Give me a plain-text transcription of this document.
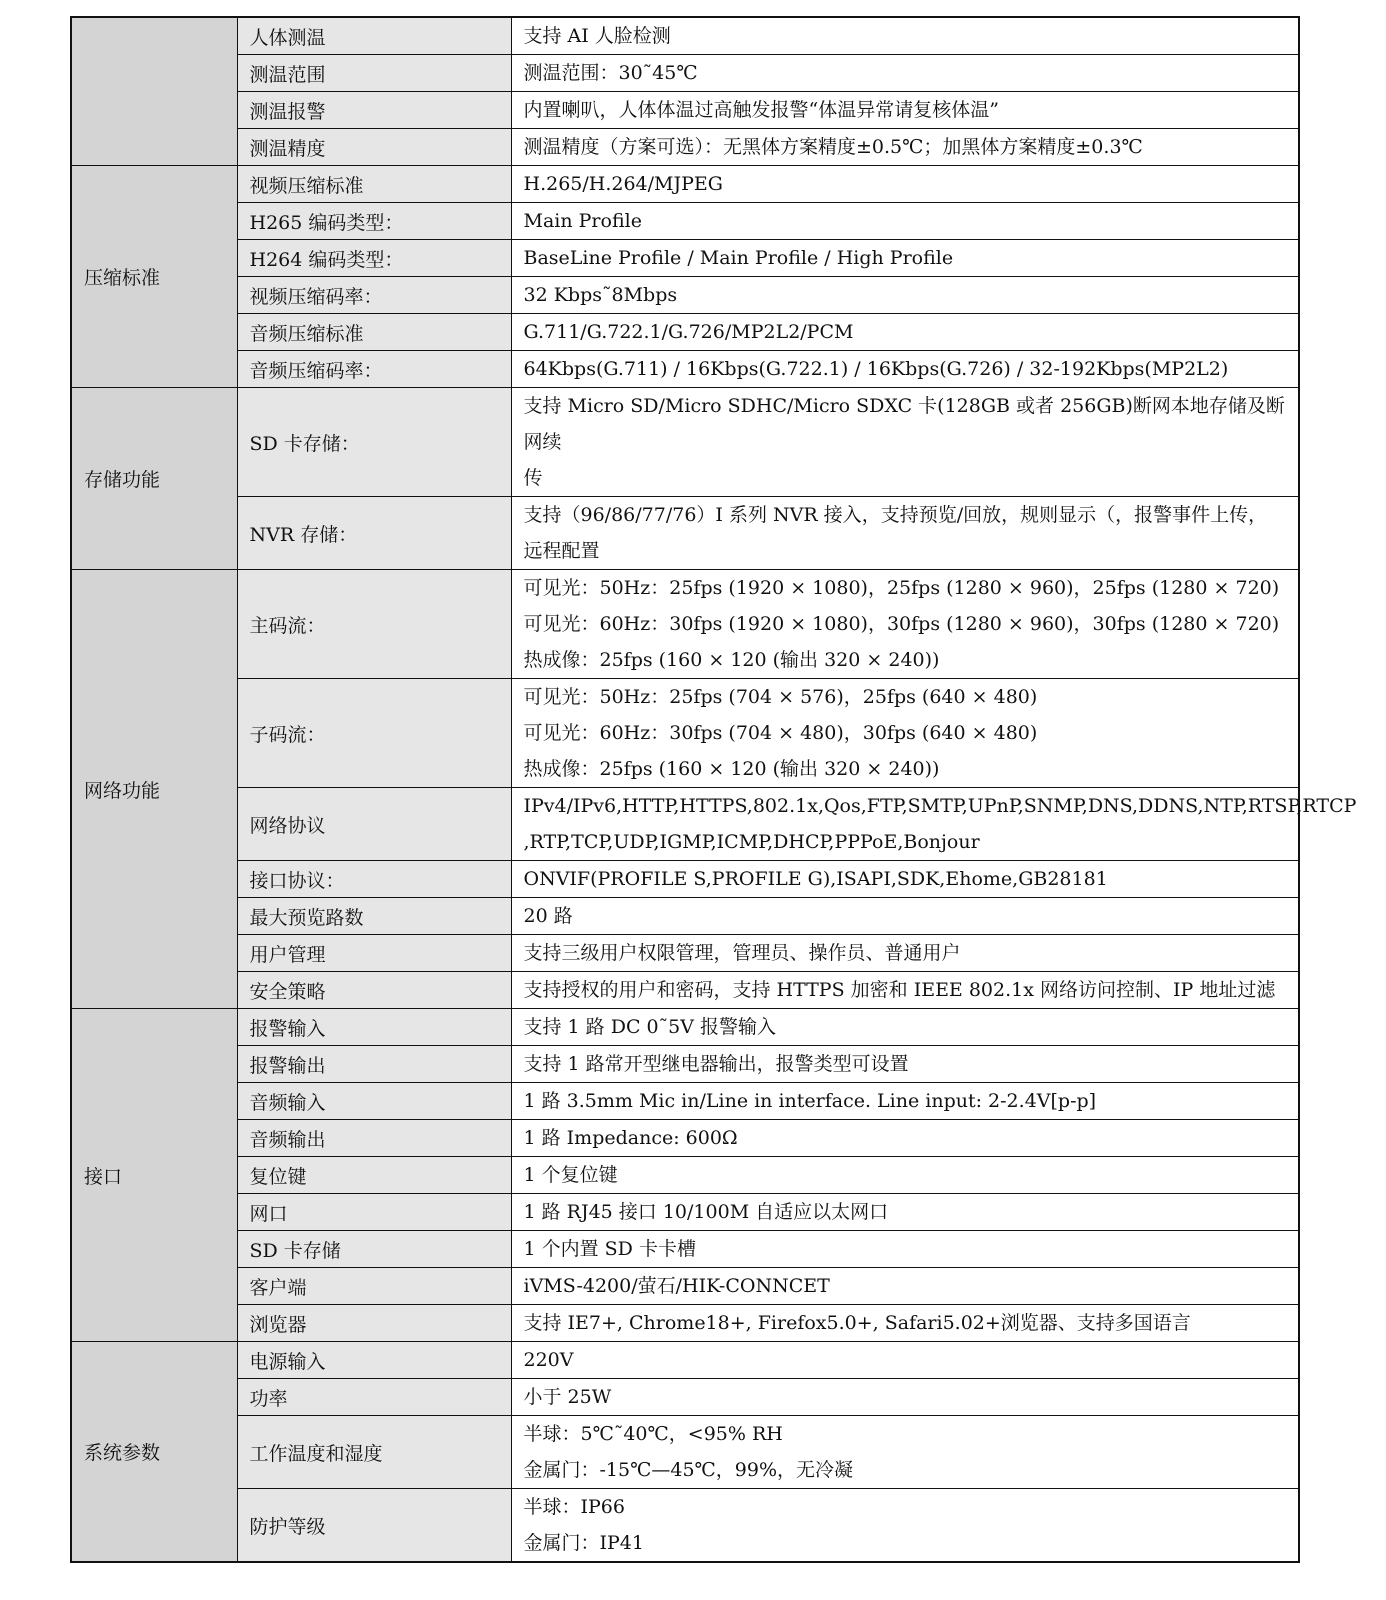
	人体测温	支持 AI 人脸检测

	测温范围	测温范围：30˜45℃

	测温报警	内置喇叭，人体体温过高触发报警“体温异常请复核体温”

	测温精度	测温精度（方案可选）：无黑体方案精度±0.5℃；加黑体方案精度±0.3℃

压缩标准	视频压缩标准	H.265/H.264/MJPEG

	H265 编码类型：	Main Profile

	H264 编码类型：	BaseLine Profile / Main Profile / High Profile

	视频压缩码率：	32 Kbps˜8Mbps

	音频压缩标准	G.711/G.722.1/G.726/MP2L2/PCM

	音频压缩码率：	64Kbps(G.711) / 16Kbps(G.722.1) / 16Kbps(G.726) / 32-192Kbps(MP2L2)

存储功能	SD 卡存储：	支持 Micro SD/Micro SDHC/Micro SDXC 卡(128GB 或者 256GB)断网本地存储及断网续
传

	NVR 存储：	支持（96/86/77/76）I 系列 NVR 接入，支持预览/回放，规则显示（，报警事件上传，
远程配置

网络功能	主码流：	可见光：50Hz：25fps (1920 × 1080)，25fps (1280 × 960)，25fps (1280 × 720)
可见光：60Hz：30fps (1920 × 1080)，30fps (1280 × 960)，30fps (1280 × 720)
热成像：25fps (160 × 120 (输出 320 × 240))

	子码流：	可见光：50Hz：25fps (704 × 576)，25fps (640 × 480)
可见光：60Hz：30fps (704 × 480)，30fps (640 × 480)
热成像：25fps (160 × 120 (输出 320 × 240))

	网络协议	IPv4/IPv6,HTTP,HTTPS,802.1x,Qos,FTP,SMTP,UPnP,SNMP,DNS,DDNS,NTP,RTSP,RTCP
,RTP,TCP,UDP,IGMP,ICMP,DHCP,PPPoE,Bonjour

	接口协议：	ONVIF(PROFILE S,PROFILE G),ISAPI,SDK,Ehome,GB28181

	最大预览路数	20 路

	用户管理	支持三级用户权限管理，管理员、操作员、普通用户

	安全策略	支持授权的用户和密码，支持 HTTPS 加密和 IEEE 802.1x 网络访问控制、IP 地址过滤

接口	报警输入	支持 1 路 DC 0˜5V 报警输入

	报警输出	支持 1 路常开型继电器输出，报警类型可设置

	音频输入	1 路 3.5mm Mic in/Line in interface. Line input: 2-2.4V[p-p]

	音频输出	1 路 Impedance: 600Ω

	复位键	1 个复位键

	网口	1 路 RJ45 接口 10/100M 自适应以太网口

	SD 卡存储	1 个内置 SD 卡卡槽

	客户端	iVMS-4200/萤石/HIK-CONNCET

	浏览器	支持 IE7+, Chrome18+, Firefox5.0+, Safari5.02+浏览器、支持多国语言

系统参数	电源输入	220V

	功率	小于 25W

	工作温度和湿度	半球：5℃˜40℃，<95% RH
金属门：-15℃—45℃，99%，无冷凝

	防护等级	半球：IP66
金属门：IP41
